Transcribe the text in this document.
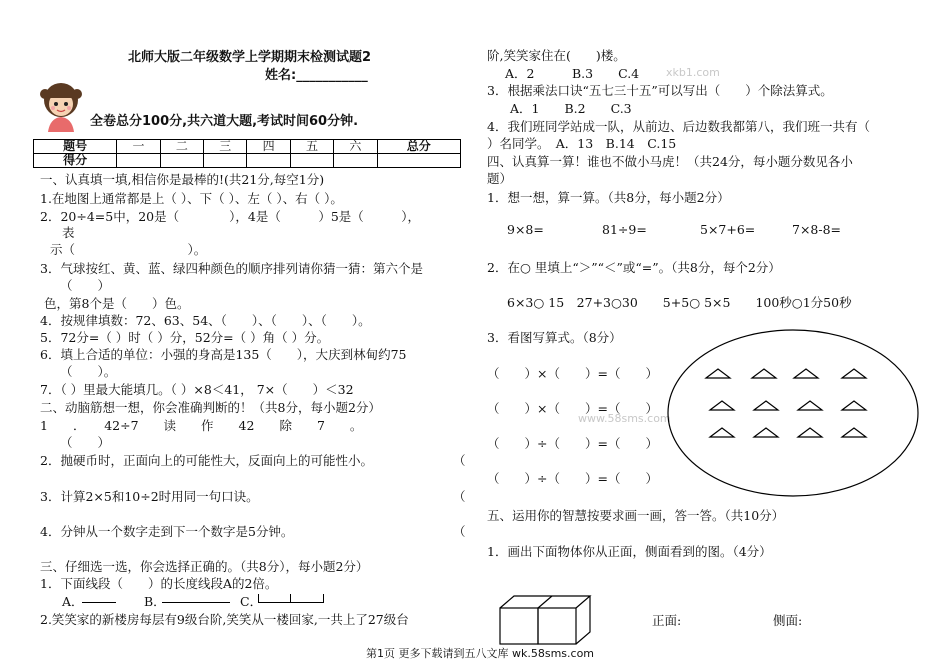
北师大版二年级数学上学期期末检测试题2
姓名:___________
全卷总分100分,共六道大题,考试时间60分钟.
题号	一	二	三	四	五	六	总分
得分							
一、认真填一填,相信你是最棒的!(共21分,每空1分)
1.在地图上通常都是上（ ）、下（ ）、左（ ）、右（ ）。
2．20÷4=5中，20是（　　　　），4是（　　　）5是（　　　），
表
示（　　　　　　　　　）。
3．气球按红、黄、蓝、绿四种颜色的顺序排列请你猜一猜：第六个是
（　　）
色，第8个是（　　）色。
4．按规律填数：72、63、54、（　　）、（　　）、（　　）。
5．72分=（ ）时（ ）分，52分=（ ）角（ ）分。
6．填上合适的单位：小强的身高是135（　　），大庆到林甸约75
（　　）。
7．（ ）里最大能填几。（ ）×8＜41， 7×（　　）＜32
二、动脑筋想一想，你会准确判断的！（共8分，每小题2分）
1　　．　　42÷7　　读　　作　　42　　除　　7　　。
（　　）
2．抛硬币时，正面向上的可能性大，反面向上的可能性小。	（
3．计算2×5和10÷2时用同一句口诀。	（
4．分钟从一个数字走到下一个数字是5分钟。	（
三、仔细选一选，你会选择正确的。（共8分），每小题2分）
1．下面线段（　　）的长度线段A的2倍。
A．	B．	C．
2.笑笑家的新楼房每层有9级台阶,笑笑从一楼回家,一共上了27级台
阶,笑笑家住在(　　)楼。
A．2　　　B.3　　C.4 xkb1.com
3．根据乘法口诀“五七三十五”可以写出（　　）个除法算式。
A．1　　B.2　　C.3
4．我们班同学站成一队，从前边、后边数我都第八，我们班一共有（
）名同学。　A．13　B.14　C.15
四、认真算一算！谁也不做小马虎！（共24分，每小题分数见各小
题）
1．想一想，算一算。（共8分，每小题2分）
9×8=	81÷9=	5×7+6=	7×8-8=
2．在○ 里填上“＞”“＜”或“=”。（共8分，每个2分）
6×3○ 15　27+3○30　　5+5○ 5×5　　100秒○1分50秒
3．看图写算式。（8分）
（　　）×（　　）=（　　）
（　　）×（　　）=（　　）
www.58sms.com
（　　）÷（　　）=（　　）
（　　）÷（　　）=（　　）
五、运用你的智慧按要求画一画，答一答。（共10分）
1．画出下面物体你从正面，侧面看到的图。（4分）
正面:	侧面:
第1页 更多下载请到五八文库 wk.58sms.com
